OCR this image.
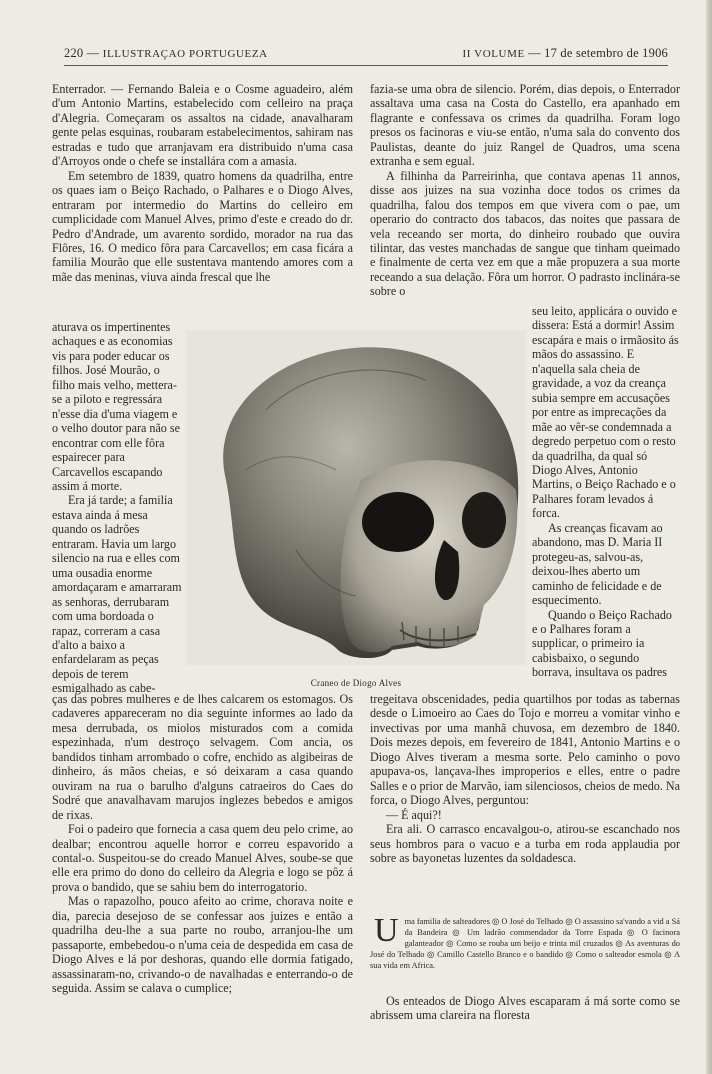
220 — ILLUSTRAÇAO PORTUGUEZA	II VOLUME — 17 de setembro de 1906

Enterrador. — Fernando Baleia e o Cosme aguadeiro, além d'um Antonio Martins, estabelecido com celleiro na praça d'Alegria. Começaram os assaltos na cidade, anavalharam gente pelas esquinas, roubaram estabelecimentos, sahiram nas estradas e tudo que arranjavam era distribuido n'uma casa d'Arroyos onde o chefe se installára com a amasia.

Em setembro de 1839, quatro homens da quadrilha, entre os quaes iam o Beiço Rachado, o Palhares e o Diogo Alves, entraram por intermedio do Martins do celleiro em cumplicidade com Manuel Alves, primo d'este e creado do dr. Pedro d'Andrade, um avarento sordido, morador na rua das Flôres, 16. O medico fôra para Carcavellos; em casa ficára a familia Mourão que elle sustentava mantendo amores com a mãe das meninas, viuva ainda frescal que lhe

aturava os impertinentes achaques e as economias vis para poder educar os filhos. José Mourão, o filho mais velho, mettera-se a piloto e regressára n'esse dia d'uma viagem e o velho doutor para não se encontrar com elle fôra espairecer para Carcavellos escapando assim á morte.

Era já tarde; a familia estava ainda á mesa quando os ladrões entraram. Havia um largo silencio na rua e elles com uma ousadia enorme amordaçaram e amarraram as senhoras, derrubaram com uma bordoada o rapaz, correram a casa d'alto a baixo a enfardelaram as peças depois de terem esmigalhado as cabe-	Craneo de Diogo Alves

ças das pobres mulheres e de lhes calcarem os estomagos. Os cadaveres appareceram no dia seguinte informes ao lado da mesa derrubada, os miolos misturados com a comida espezinhada, n'um destroço selvagem. Com ancia, os bandidos tinham arrombado o cofre, enchido as algibeiras de dinheiro, ás mãos cheias, e só deixaram a casa quando ouviram na rua o barulho d'alguns catraeiros do Caes do Sodré que anavalhavam marujos inglezes bebedos e amigos de rixas.

Foi o padeiro que fornecia a casa quem deu pelo crime, ao dealbar; encontrou aquelle horror e correu espavorido a contal-o. Suspeitou-se do creado Manuel Alves, soube-se que elle era primo do dono do celleiro da Alegria e logo se pôz á prova o bandido, que se sahiu bem do interrogatorio.

Mas o rapazolho, pouco afeito ao crime, chorava noite e dia, parecia desejoso de se confessar aos juizes e então a quadrilha deu-lhe a sua parte no roubo, arranjou-lhe um passaporte, embebedou-o n'uma ceia de despedida em casa de Diogo Alves e lá por deshoras, quando elle dormia fatigado, assassinaram-no, crivando-o de navalhadas e enterrando-o de seguida. Assim se calava o cumplice;

fazia-se uma obra de silencio. Porém, dias depois, o Enterrador assaltava uma casa na Costa do Castello, era apanhado em flagrante e confessava os crimes da quadrilha. Foram logo presos os facinoras e viu-se então, n'uma sala do convento dos Paulistas, deante do juiz Rangel de Quadros, uma scena extranha e sem egual.

A filhinha da Parreirinha, que contava apenas 11 annos, disse aos juizes na sua vozinha doce todos os crimes da quadrilha, falou dos tempos em que vivera com o pae, um operario do contracto dos tabacos, das noites que passara de vela receando ser morta, do dinheiro roubado que ouvira tilintar, das vestes manchadas de sangue que tinham queimado e finalmente de certa vez em que a mãe propuzera a sua morte receando a sua delação. Fôra um horror. O padrasto inclinára-se sobre o

seu leito, applicára o ouvido e dissera: Está a dormir! Assim escapára e mais o irmãosito ás mãos do assassino. E n'aquella sala cheia de gravidade, a voz da creança subia sempre em accusações por entre as imprecações da mãe ao vêr-se condemnada a degredo perpetuo com o resto da quadrilha, da qual só Diogo Alves, Antonio Martins, o Beiço Rachado e o Palhares foram levados á forca.

As creanças ficavam ao abandono, mas D. Maria II protegeu-as, salvou-as, deixou-lhes aberto um caminho de felicidade e de esquecimento.

Quando o Beiço Rachado e o Palhares foram a supplicar, o primeiro ia cabisbaixo, o segundo borrava, insultava os padres

tregeitava obscenidades, pedia quartilhos por todas as tabernas desde o Limoeiro ao Caes do Tojo e morreu a vomitar vinho e invectivas por uma manhã chuvosa, em dezembro de 1840. Dois mezes depois, em fevereiro de 1841, Antonio Martins e o Diogo Alves tiveram a mesma sorte. Pelo caminho o povo apupava-os, lançava-lhes improperios e elles, entre o padre Salles e o prior de Marvão, iam silenciosos, cheios de medo. Na forca, o Diogo Alves, perguntou:

— É aqui?!

Era ali. O carrasco encavalgou-o, atirou-se escanchado nos seus hombros para o vacuo e a turba em roda applaudia por sobre as bayonetas luzentes da soldadesca.

U ma familia de salteadores ◎ O José do Telhado ◎ O assassino sa'vando a vid a Sá da Bandeira ◎ Um ladrão commendador da Torre Espada ◎ O facinora galanteador ◎ Como se rouba um beijo e trinta mil cruzados ◎ As aventuras do José do Telhado ◎ Camillo Castello Branco e o bandido ◎ Como o salteador esmola ◎ A sua vida em Africa.

Os enteados de Diogo Alves escaparam á má sorte como se abrissem uma clareira na floresta
